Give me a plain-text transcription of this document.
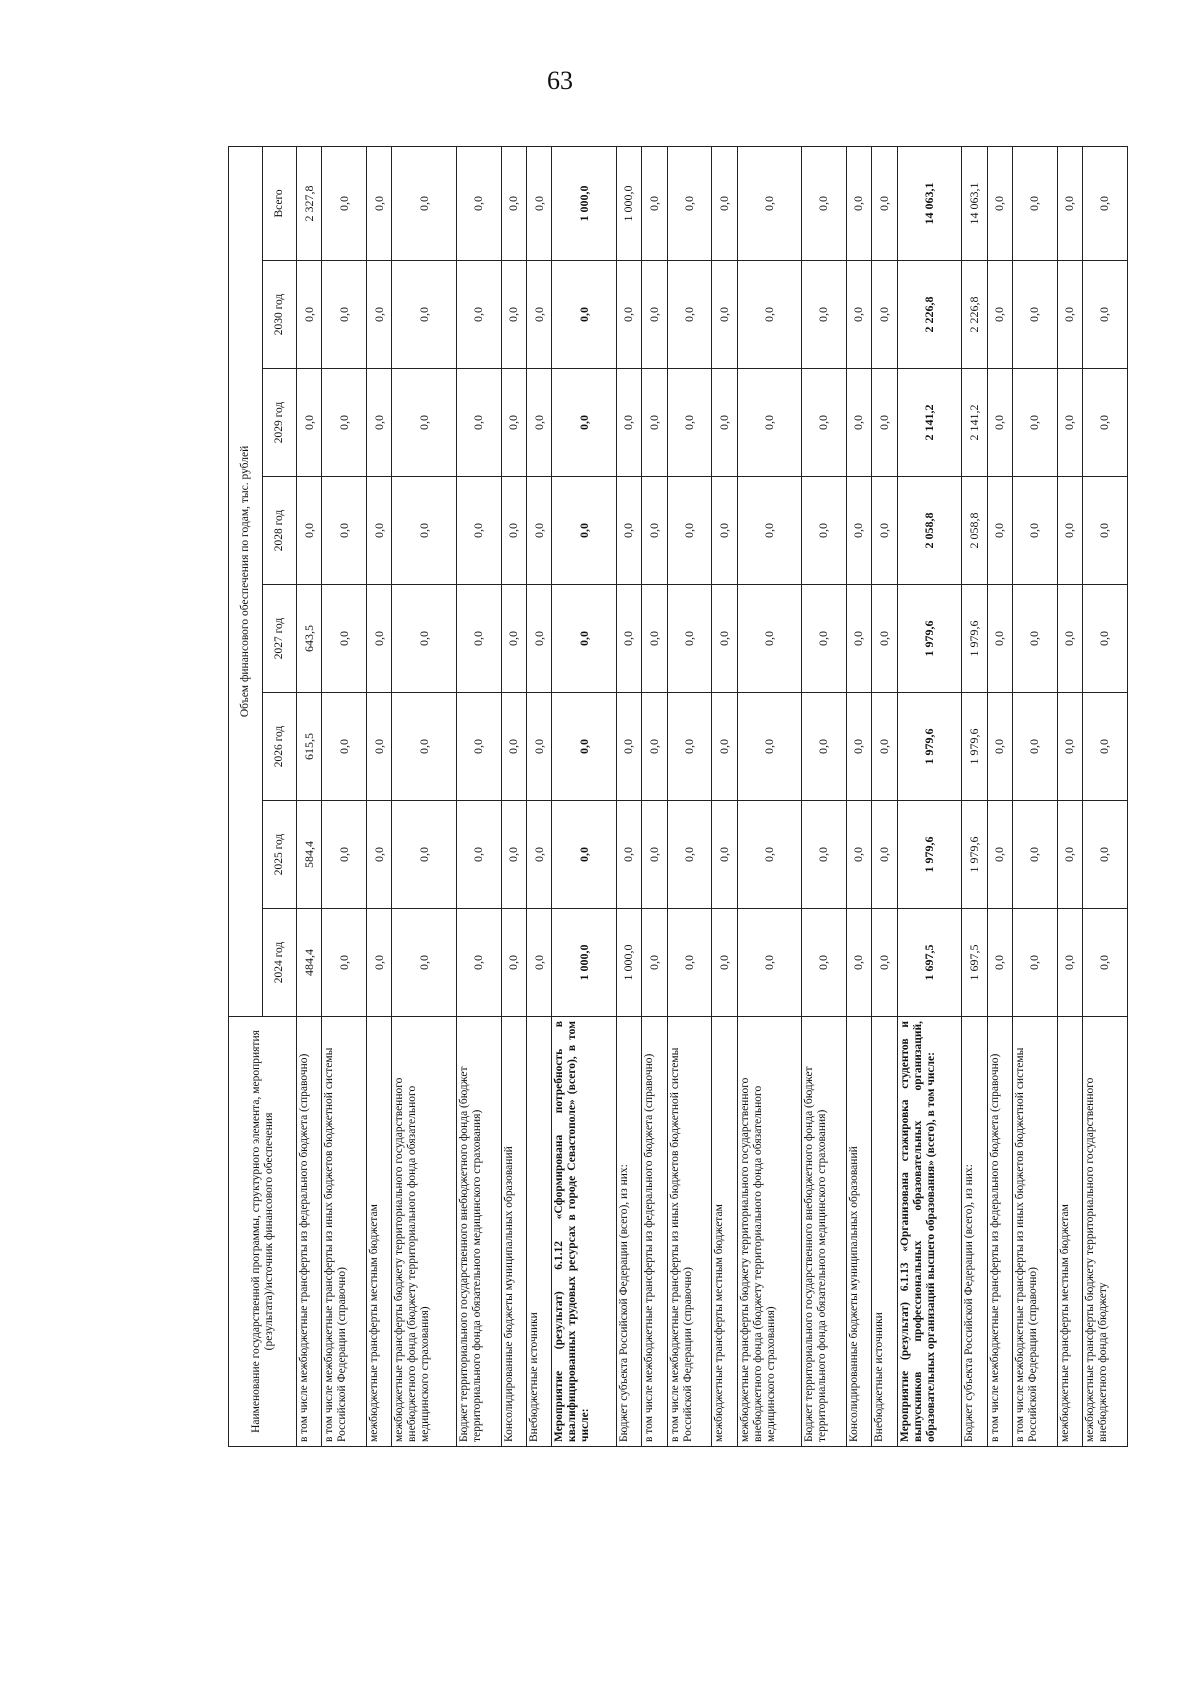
63
Наименование государственной программы, структурного элемента, мероприятия (результата)/источник финансового обеспечения	Объем финансового обеспечения по годам, тыс. рублей							
	2024 год	2025 год	2026 год	2027 год	2028 год	2029 год	2030 год	Всего
в том числе межбюджетные трансферты из федерального бюджета (справочно)	484,4	584,4	615,5	643,5	0,0	0,0	0,0	2 327,8
в том числе межбюджетные трансферты из иных бюджетов бюджетной системы Российской Федерации (справочно)	0,0	0,0	0,0	0,0	0,0	0,0	0,0	0,0
межбюджетные трансферты местным бюджетам	0,0	0,0	0,0	0,0	0,0	0,0	0,0	0,0
межбюджетные трансферты бюджету территориального государственного внебюджетного фонда (бюджету территориального фонда обязательного медицинского страхования)	0,0	0,0	0,0	0,0	0,0	0,0	0,0	0,0
Бюджет территориального государственного внебюджетного фонда (бюджет территориального фонда обязательного медицинского страхования)	0,0	0,0	0,0	0,0	0,0	0,0	0,0	0,0
Консолидированные бюджеты муниципальных образований	0,0	0,0	0,0	0,0	0,0	0,0	0,0	0,0
Внебюджетные источники	0,0	0,0	0,0	0,0	0,0	0,0	0,0	0,0
Мероприятие (результат) 6.1.12 «Сформирована потребность в квалифицированных трудовых ресурсах в городе Севастополе» (всего), в том числе:	1 000,0	0,0	0,0	0,0	0,0	0,0	0,0	1 000,0
Бюджет субъекта Российской Федерации (всего), из них:	1 000,0	0,0	0,0	0,0	0,0	0,0	0,0	1 000,0
в том числе межбюджетные трансферты из федерального бюджета (справочно)	0,0	0,0	0,0	0,0	0,0	0,0	0,0	0,0
в том числе межбюджетные трансферты из иных бюджетов бюджетной системы Российской Федерации (справочно)	0,0	0,0	0,0	0,0	0,0	0,0	0,0	0,0
межбюджетные трансферты местным бюджетам	0,0	0,0	0,0	0,0	0,0	0,0	0,0	0,0
межбюджетные трансферты бюджету территориального государственного внебюджетного фонда (бюджету территориального фонда обязательного медицинского страхования)	0,0	0,0	0,0	0,0	0,0	0,0	0,0	0,0
Бюджет территориального государственного внебюджетного фонда (бюджет территориального фонда обязательного медицинского страхования)	0,0	0,0	0,0	0,0	0,0	0,0	0,0	0,0
Консолидированные бюджеты муниципальных образований	0,0	0,0	0,0	0,0	0,0	0,0	0,0	0,0
Внебюджетные источники	0,0	0,0	0,0	0,0	0,0	0,0	0,0	0,0
Мероприятие (результат) 6.1.13 «Организована стажировка студентов и выпускников профессиональных образовательных организаций, образовательных организаций высшего образования» (всего), в том числе:	1 697,5	1 979,6	1 979,6	1 979,6	2 058,8	2 141,2	2 226,8	14 063,1
Бюджет субъекта Российской Федерации (всего), из них:	1 697,5	1 979,6	1 979,6	1 979,6	2 058,8	2 141,2	2 226,8	14 063,1
в том числе межбюджетные трансферты из федерального бюджета (справочно)	0,0	0,0	0,0	0,0	0,0	0,0	0,0	0,0
в том числе межбюджетные трансферты из иных бюджетов бюджетной системы Российской Федерации (справочно)	0,0	0,0	0,0	0,0	0,0	0,0	0,0	0,0
межбюджетные трансферты местным бюджетам	0,0	0,0	0,0	0,0	0,0	0,0	0,0	0,0
межбюджетные трансферты бюджету территориального государственного внебюджетного фонда (бюджету	0,0	0,0	0,0	0,0	0,0	0,0	0,0	0,0
